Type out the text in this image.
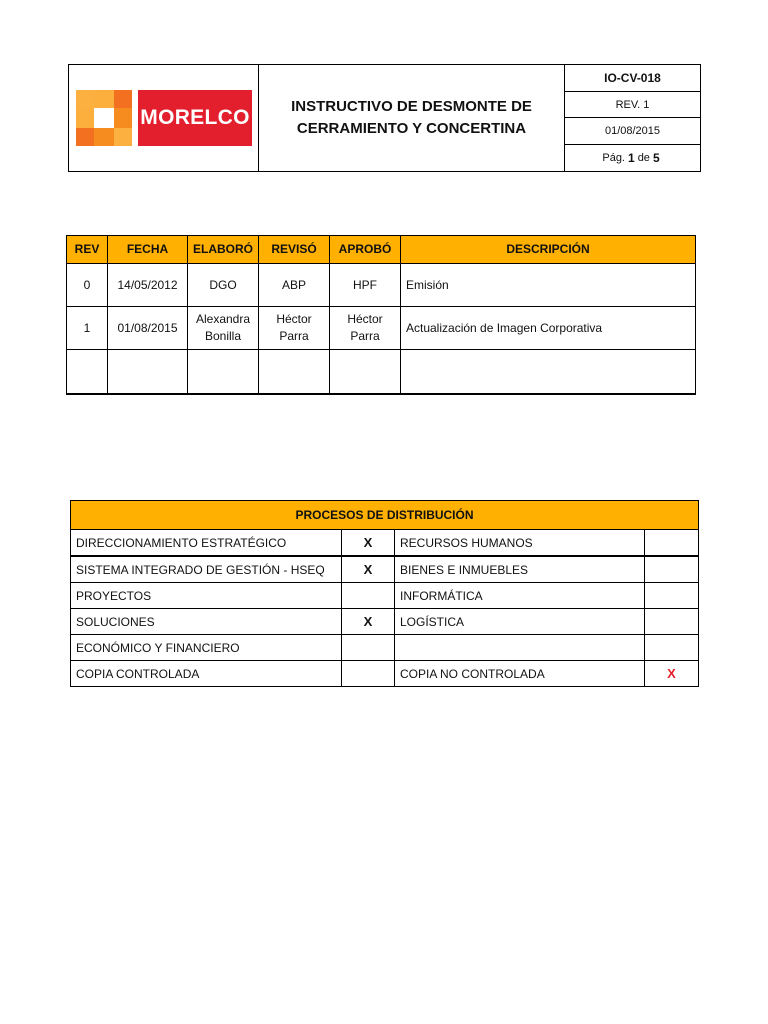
MORELCO	INSTRUCTIVO DE DESMONTE DE
CERRAMIENTO Y CONCERTINA
IO-CV-018
REV. 1
01/08/2015
Pág. 1 de 5
REV	FECHA	ELABORÓ	REVISÓ	APROBÓ	DESCRIPCIÓN
0	14/05/2012	DGO	ABP	HPF	Emisión
1	01/08/2015	Alexandra Bonilla	Héctor Parra	Héctor Parra	Actualización de Imagen Corporativa

PROCESOS DE DISTRIBUCIÓN			
DIRECCIONAMIENTO ESTRATÉGICO	X	RECURSOS HUMANOS	
SISTEMA INTEGRADO DE GESTIÓN - HSEQ	X	BIENES E INMUEBLES	
PROYECTOS		INFORMÁTICA	
SOLUCIONES	X	LOGÍSTICA	
ECONÓMICO Y FINANCIERO			
COPIA CONTROLADA		COPIA NO CONTROLADA	X
